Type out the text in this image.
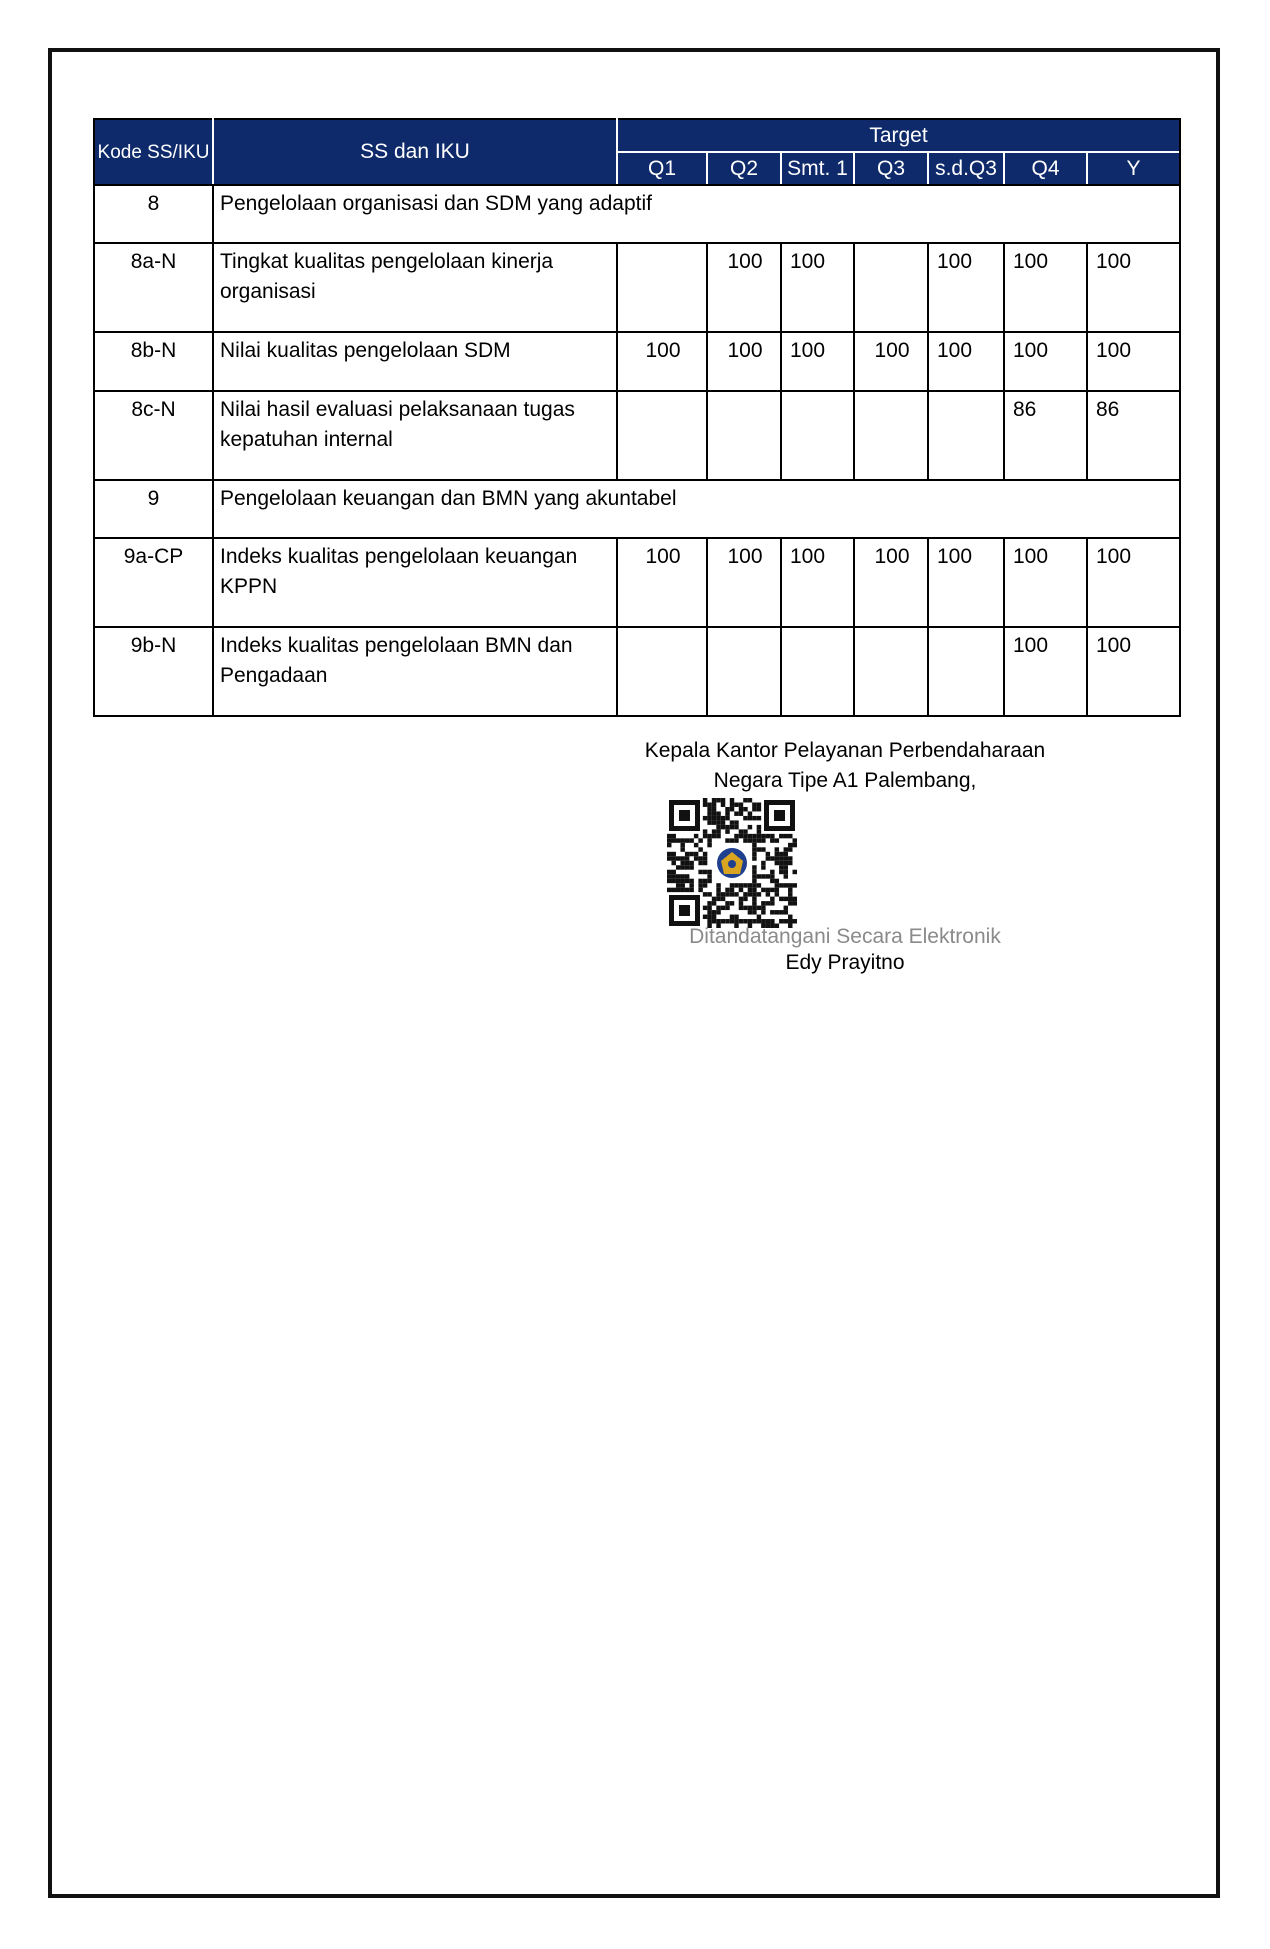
Kode SS/IKU	SS dan IKU	Target						
		Q1	Q2	Smt. 1	Q3	s.d.Q3	Q4	Y
8	Pengelolaan organisasi dan SDM yang adaptif							
8a-N	Tingkat kualitas pengelolaan kinerja organisasi		100	100		100	100	100
8b-N	Nilai kualitas pengelolaan SDM	100	100	100	100	100	100	100
8c-N	Nilai hasil evaluasi pelaksanaan tugas kepatuhan internal						86	86
9	Pengelolaan keuangan dan BMN yang akuntabel							
9a-CP	Indeks kualitas pengelolaan keuangan KPPN	100	100	100	100	100	100	100
9b-N	Indeks kualitas pengelolaan BMN dan Pengadaan						100	100
Kepala Kantor Pelayanan Perbendaharaan
Negara Tipe A1 Palembang,
Ditandatangani Secara Elektronik
Edy Prayitno
